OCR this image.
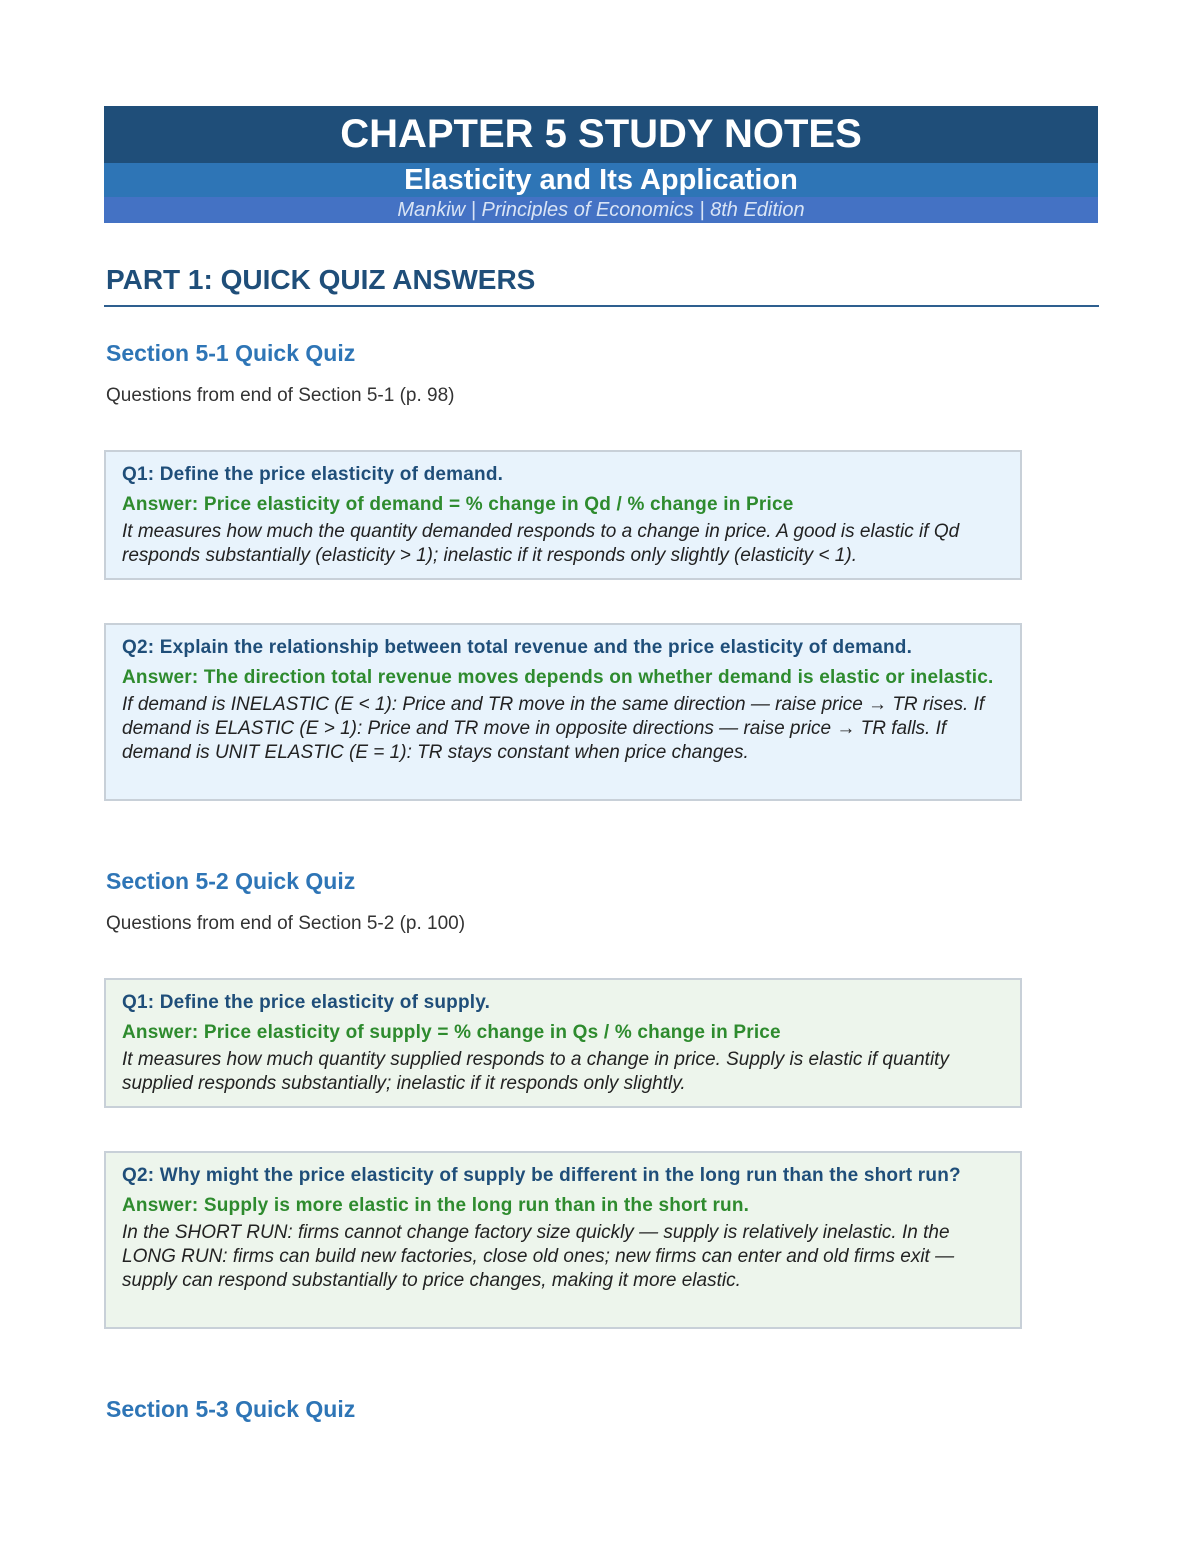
CHAPTER 5 STUDY NOTES
Elasticity and Its Application
Mankiw | Principles of Economics | 8th Edition
PART 1: QUICK QUIZ ANSWERS
Section 5-1 Quick Quiz
Questions from end of Section 5-1 (p. 98)
Q1: Define the price elasticity of demand.
Answer: Price elasticity of demand = % change in Qd / % change in Price
It measures how much the quantity demanded responds to a change in price. A good is elastic if Qd responds substantially (elasticity > 1); inelastic if it responds only slightly (elasticity < 1).
Q2: Explain the relationship between total revenue and the price elasticity of demand.
Answer: The direction total revenue moves depends on whether demand is elastic or inelastic.
If demand is INELASTIC (E < 1): Price and TR move in the same direction — raise price → TR rises. If demand is ELASTIC (E > 1): Price and TR move in opposite directions — raise price → TR falls. If demand is UNIT ELASTIC (E = 1): TR stays constant when price changes.
Section 5-2 Quick Quiz
Questions from end of Section 5-2 (p. 100)
Q1: Define the price elasticity of supply.
Answer: Price elasticity of supply = % change in Qs / % change in Price
It measures how much quantity supplied responds to a change in price. Supply is elastic if quantity supplied responds substantially; inelastic if it responds only slightly.
Q2: Why might the price elasticity of supply be different in the long run than the short run?
Answer: Supply is more elastic in the long run than in the short run.
In the SHORT RUN: firms cannot change factory size quickly — supply is relatively inelastic. In the LONG RUN: firms can build new factories, close old ones; new firms can enter and old firms exit — supply can respond substantially to price changes, making it more elastic.
Section 5-3 Quick Quiz
